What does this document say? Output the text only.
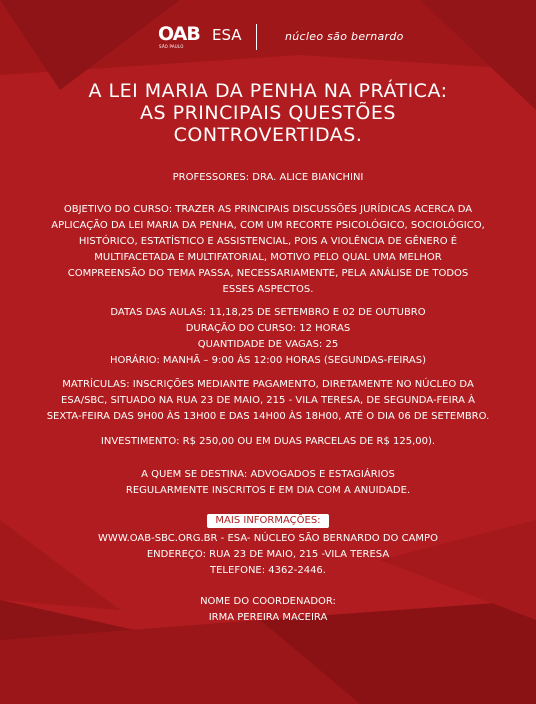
OAB
SÃO PAULO
ESA	núcleo são bernardo
A LEI MARIA DA PENHA NA PRÁTICA:
AS PRINCIPAIS QUESTÕES
CONTROVERTIDAS.

PROFESSORES: DRA. ALICE BIANCHINI

OBJETIVO DO CURSO: TRAZER AS PRINCIPAIS DISCUSSÕES JURÍDICAS ACERCA DA

APLICAÇÃO DA LEI MARIA DA PENHA, COM UM RECORTE PSICOLÓGICO, SOCIOLÓGICO,

HISTÓRICO, ESTATÍSTICO E ASSISTENCIAL, POIS A VIOLÊNCIA DE GÊNERO É

MULTIFACETADA E MULTIFATORIAL, MOTIVO PELO QUAL UMA MELHOR

COMPREENSÃO DO TEMA PASSA, NECESSARIAMENTE, PELA ANÁLISE DE TODOS

ESSES ASPECTOS.

DATAS DAS AULAS: 11,18,25 DE SETEMBRO E 02 DE OUTUBRO

DURAÇÃO DO CURSO: 12 HORAS

QUANTIDADE DE VAGAS: 25

HORÁRIO: MANHÃ – 9:00 ÀS 12:00 HORAS (SEGUNDAS-FEIRAS)

MATRÍCULAS: INSCRIÇÕES MEDIANTE PAGAMENTO, DIRETAMENTE NO NÚCLEO DA

ESA/SBC, SITUADO NA RUA 23 DE MAIO, 215 - VILA TERESA, DE SEGUNDA-FEIRA À

SEXTA-FEIRA DAS 9H00 ÀS 13H00 E DAS 14H00 ÀS 18H00, ATÉ O DIA 06 DE SETEMBRO.

INVESTIMENTO: R$ 250,00 OU EM DUAS PARCELAS DE R$ 125,00).

A QUEM SE DESTINA: ADVOGADOS E ESTAGIÁRIOS

REGULARMENTE INSCRITOS E EM DIA COM A ANUIDADE.

MAIS INFORMAÇÕES:

WWW.OAB-SBC.ORG.BR - ESA- NÚCLEO SÃO BERNARDO DO CAMPO

ENDEREÇO: RUA 23 DE MAIO, 215 -VILA TERESA

TELEFONE: 4362-2446.

NOME DO COORDENADOR:

IRMA PEREIRA MACEIRA
